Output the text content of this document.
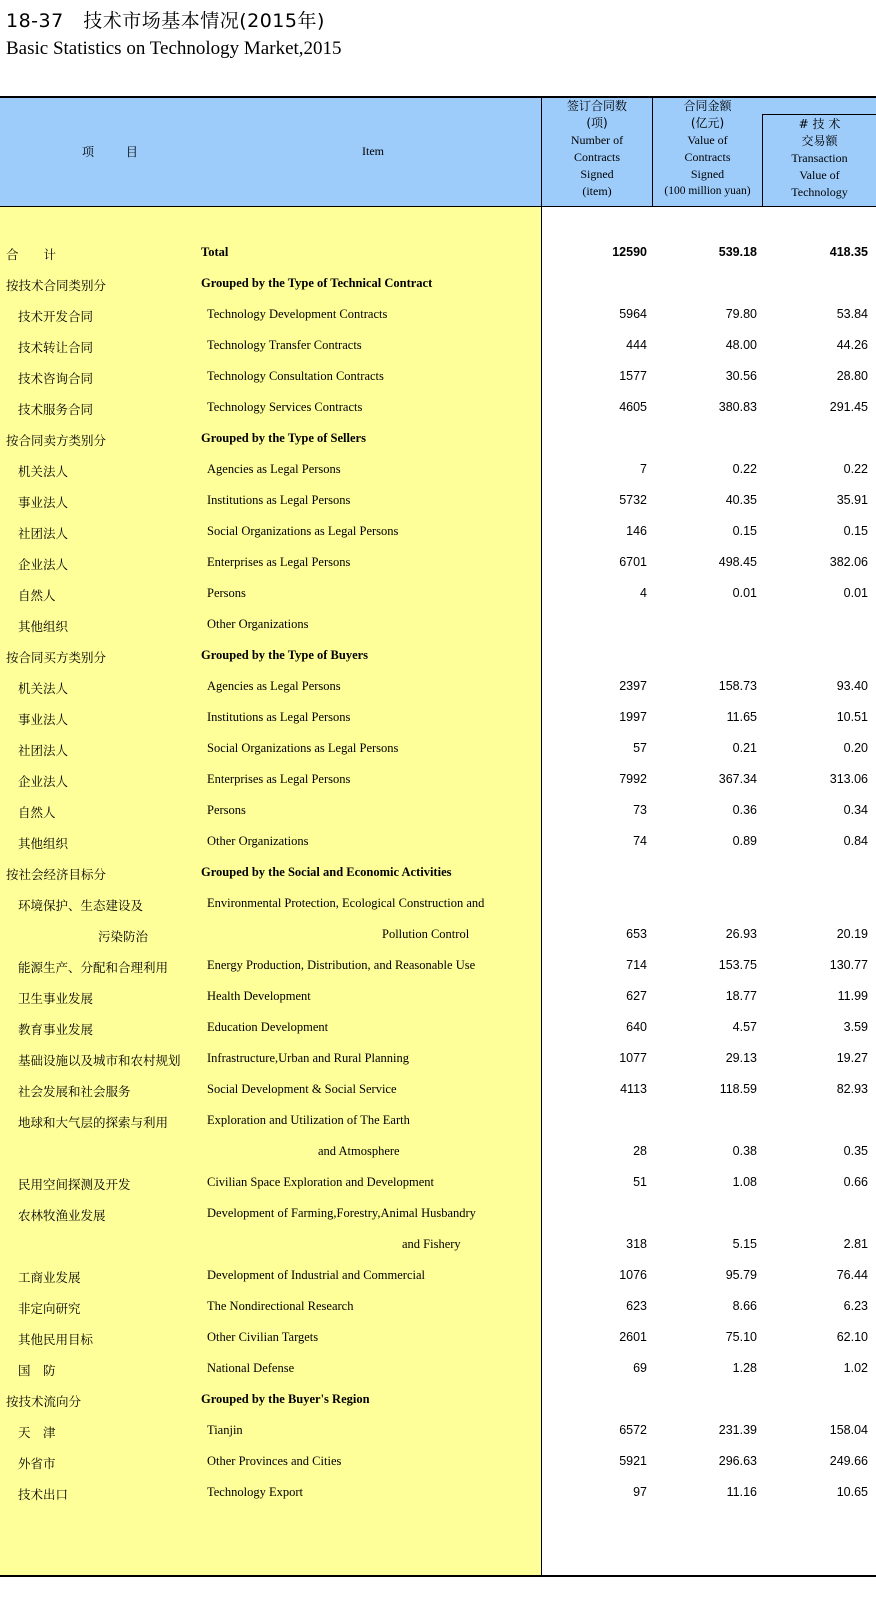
18-37　技术市场基本情况(2015年)
Basic Statistics on Technology Market,2015
项 目	Item
签订合同数
(项)
Number of
Contracts
Signed
(item)
合同金额
(亿元)
Value of
Contracts
Signed
(100 million yuan)
# 技 术
交易额
Transaction
Value of
Technology
合　　计	Total	12590	539.18	418.35
按技术合同类别分	Grouped by the Type of Technical Contract
技术开发合同	Technology Development Contracts	5964	79.80	53.84
技术转让合同	Technology Transfer Contracts	444	48.00	44.26
技术咨询合同	Technology Consultation Contracts	1577	30.56	28.80
技术服务合同	Technology Services Contracts	4605	380.83	291.45
按合同卖方类别分	Grouped by the Type of Sellers
机关法人	Agencies as Legal Persons	7	0.22	0.22
事业法人	Institutions as Legal Persons	5732	40.35	35.91
社团法人	Social Organizations as Legal Persons	146	0.15	0.15
企业法人	Enterprises as Legal Persons	6701	498.45	382.06
自然人	Persons	4	0.01	0.01
其他组织	Other Organizations
按合同买方类别分	Grouped by the Type of Buyers
机关法人	Agencies as Legal Persons	2397	158.73	93.40
事业法人	Institutions as Legal Persons	1997	11.65	10.51
社团法人	Social Organizations as Legal Persons	57	0.21	0.20
企业法人	Enterprises as Legal Persons	7992	367.34	313.06
自然人	Persons	73	0.36	0.34
其他组织	Other Organizations	74	0.89	0.84
按社会经济目标分	Grouped by the Social and Economic Activities
环境保护、生态建设及	Environmental Protection, Ecological Construction and
污染防治	Pollution Control	653	26.93	20.19
能源生产、分配和合理利用	Energy Production, Distribution, and Reasonable Use	714	153.75	130.77
卫生事业发展	Health Development	627	18.77	11.99
教育事业发展	Education Development	640	4.57	3.59
基础设施以及城市和农村规划 Infrastructure,Urban and Rural Planning	1077	29.13	19.27
社会发展和社会服务	Social Development & Social Service	4113	118.59	82.93
地球和大气层的探索与利用	Exploration and Utilization of The Earth
and Atmosphere	28	0.38	0.35
民用空间探测及开发	Civilian Space Exploration and Development	51	1.08	0.66
农林牧渔业发展	Development of Farming,Forestry,Animal Husbandry
and Fishery	318	5.15	2.81
工商业发展	Development of Industrial and Commercial	1076	95.79	76.44
非定向研究	The Nondirectional Research	623	8.66	6.23
其他民用目标	Other Civilian Targets	2601	75.10	62.10
国　防	National Defense	69	1.28	1.02
按技术流向分	Grouped by the Buyer's Region
天　津	Tianjin	6572	231.39	158.04
外省市	Other Provinces and Cities	5921	296.63	249.66
技术出口	Technology Export	97	11.16	10.65
